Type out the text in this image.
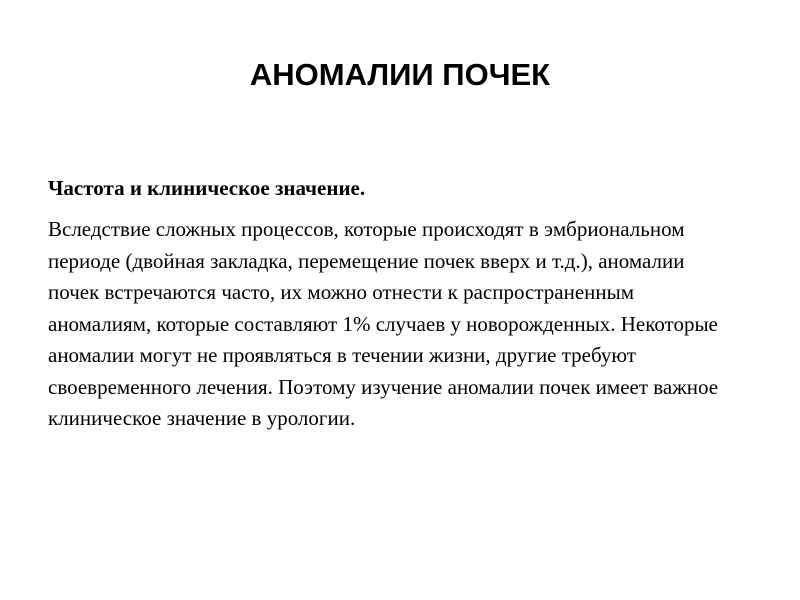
АНОМАЛИИ ПОЧЕК

Частота и клиническое значение.

Вследствие сложных процессов, которые происходят в эмбриональном периоде (двойная закладка, перемещение почек вверх и т.д.), аномалии почек встречаются часто, их можно отнести к распространенным аномалиям, которые составляют 1% случаев у новорожденных. Некоторые аномалии могут не проявляться в течении жизни, другие требуют своевременного лечения. Поэтому изучение аномалии почек имеет важное клиническое значение в урологии.
